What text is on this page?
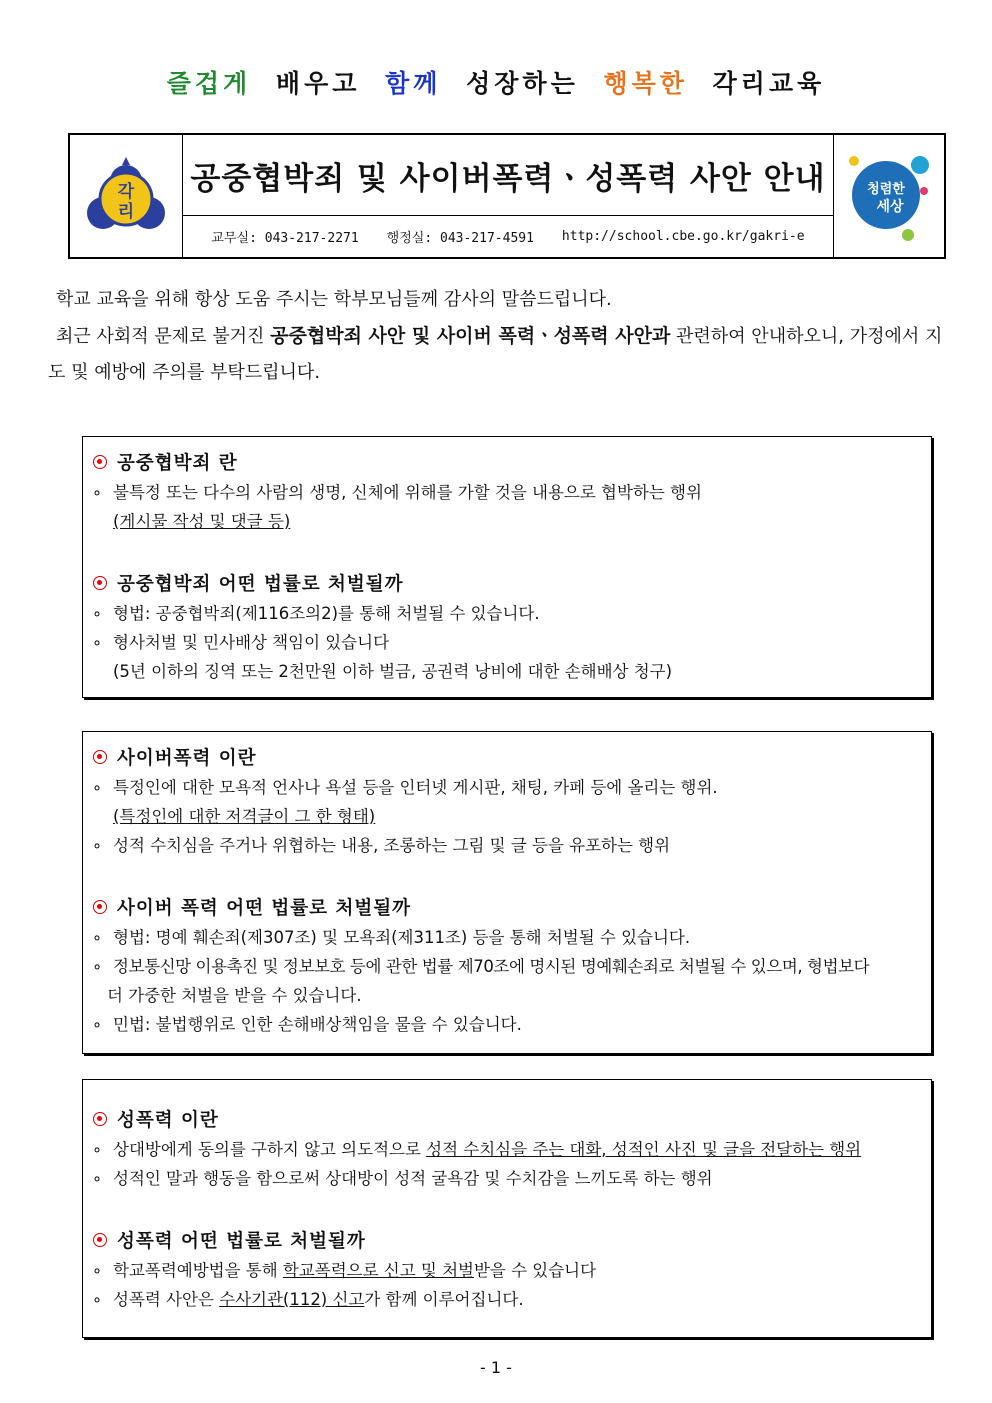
즐겁게 배우고 함께 성장하는 행복한 각리교육
각
리
공중협박죄 및 사이버폭력ㆍ성폭력 사안 안내
교무실: 043-217-2271 행정실: 043-217-4591 http://school.cbe.go.kr/gakri-e
청렴한
세상

학교 교육을 위해 항상 도움 주시는 학부모님들께 감사의 말씀드립니다.

최근 사회적 문제로 불거진 공중협박죄 사안 및 사이버 폭력ㆍ성폭력 사안과 관련하여 안내하오니, 가정에서 지도 및 예방에 주의를 부탁드립니다.

공중협박죄 란
∘ 불특정 또는 다수의 사람의 생명, 신체에 위해를 가할 것을 내용으로 협박하는 행위
(게시물 작성 및 댓글 등)
공중협박죄 어떤 법률로 처벌될까
∘ 형법: 공중협박죄(제116조의2)를 통해 처벌될 수 있습니다.
∘ 형사처벌 및 민사배상 책임이 있습니다
(5년 이하의 징역 또는 2천만원 이하 벌금, 공권력 낭비에 대한 손해배상 청구)
사이버폭력 이란
∘ 특정인에 대한 모욕적 언사나 욕설 등을 인터넷 게시판, 채팅, 카페 등에 올리는 행위.
(특정인에 대한 저격글이 그 한 형태)
∘ 성적 수치심을 주거나 위협하는 내용, 조롱하는 그림 및 글 등을 유포하는 행위
사이버 폭력 어떤 법률로 처벌될까
∘ 형법: 명예 훼손죄(제307조) 및 모욕죄(제311조) 등을 통해 처벌될 수 있습니다.
∘ 정보통신망 이용촉진 및 정보보호 등에 관한 법률 제70조에 명시된 명예훼손죄로 처벌될 수 있으며, 형법보다
더 가중한 처벌을 받을 수 있습니다.
∘ 민법: 불법행위로 인한 손해배상책임을 물을 수 있습니다.
성폭력 이란
∘ 상대방에게 동의를 구하지 않고 의도적으로 성적 수치심을 주는 대화, 성적인 사진 및 글을 전달하는 행위
∘ 성적인 말과 행동을 함으로써 상대방이 성적 굴욕감 및 수치감을 느끼도록 하는 행위
성폭력 어떤 법률로 처벌될까
∘ 학교폭력예방법을 통해 학교폭력으로 신고 및 처벌받을 수 있습니다
∘ 성폭력 사안은 수사기관(112) 신고가 함께 이루어집니다.
- 1 -
